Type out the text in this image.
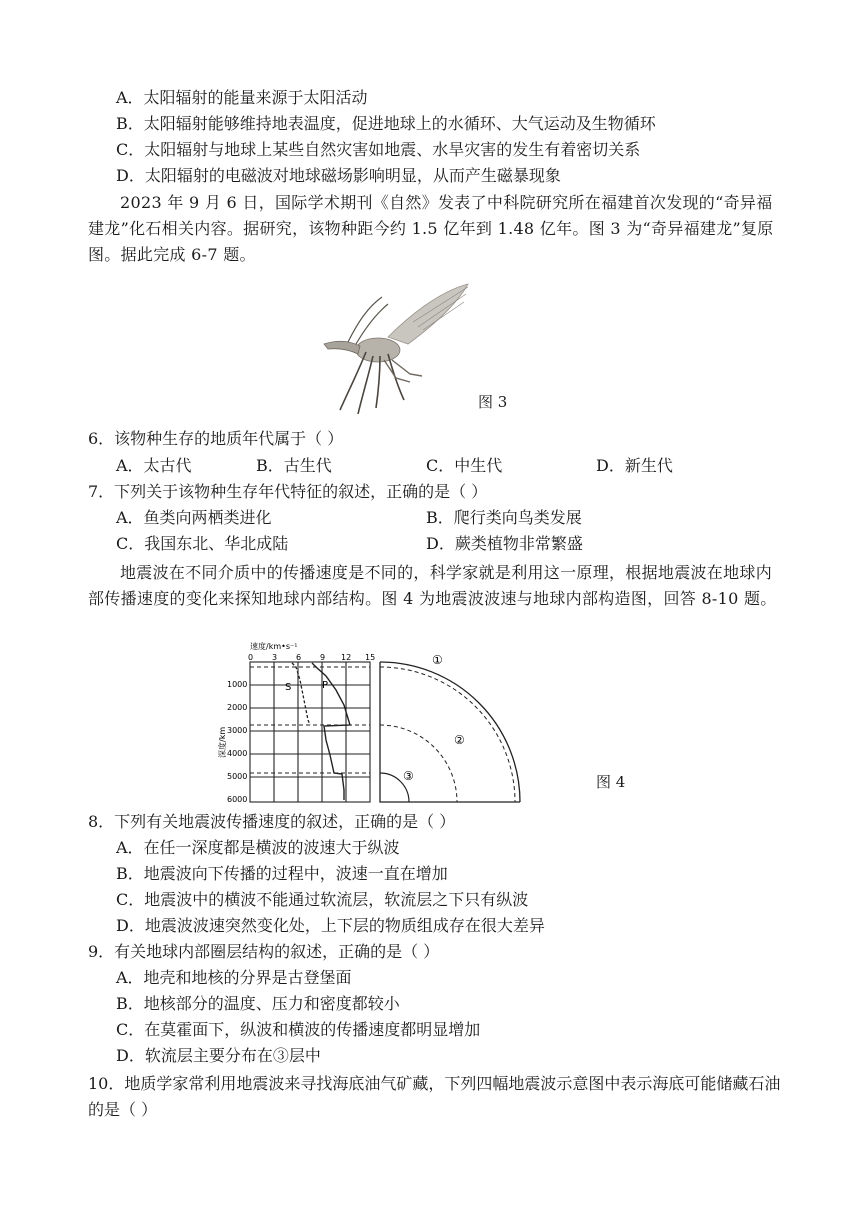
A．太阳辐射的能量来源于太阳活动
B．太阳辐射能够维持地表温度，促进地球上的水循环、大气运动及生物循环
C．太阳辐射与地球上某些自然灾害如地震、水旱灾害的发生有着密切关系
D．太阳辐射的电磁波对地球磁场影响明显，从而产生磁暴现象
2023 年 9 月 6 日，国际学术期刊《自然》发表了中科院研究所在福建首次发现的“奇异福建龙”化石相关内容。据研究，该物种距今约 1.5 亿年到 1.48 亿年。图 3 为“奇异福建龙”复原图。据此完成 6-7 题。
图 3
6．该物种生存的地质年代属于（ ）
A．太古代	B．古生代	C．中生代	D．新生代
7．下列关于该物种生存年代特征的叙述，正确的是（ ）
A．鱼类向两栖类进化	B．爬行类向鸟类发展
C．我国东北、华北成陆	D．蕨类植物非常繁盛
地震波在不同介质中的传播速度是不同的，科学家就是利用这一原理，根据地震波在地球内部传播速度的变化来探知地球内部结构。图 4 为地震波波速与地球内部构造图，回答 8-10 题。
速度/km•s⁻¹
0 3 6 9 12 15
深度/km
1000
2000
3000
4000
5000
6000
S	P
①
②
③	图 4
8．下列有关地震波传播速度的叙述，正确的是（ ）
A．在任一深度都是横波的波速大于纵波
B．地震波向下传播的过程中，波速一直在增加
C．地震波中的横波不能通过软流层，软流层之下只有纵波
D．地震波波速突然变化处，上下层的物质组成存在很大差异
9．有关地球内部圈层结构的叙述，正确的是（ ）
A．地壳和地核的分界是古登堡面
B．地核部分的温度、压力和密度都较小
C．在莫霍面下，纵波和横波的传播速度都明显增加
D．软流层主要分布在③层中
10．地质学家常利用地震波来寻找海底油气矿藏，下列四幅地震波示意图中表示海底可能储藏石油的是（ ）
